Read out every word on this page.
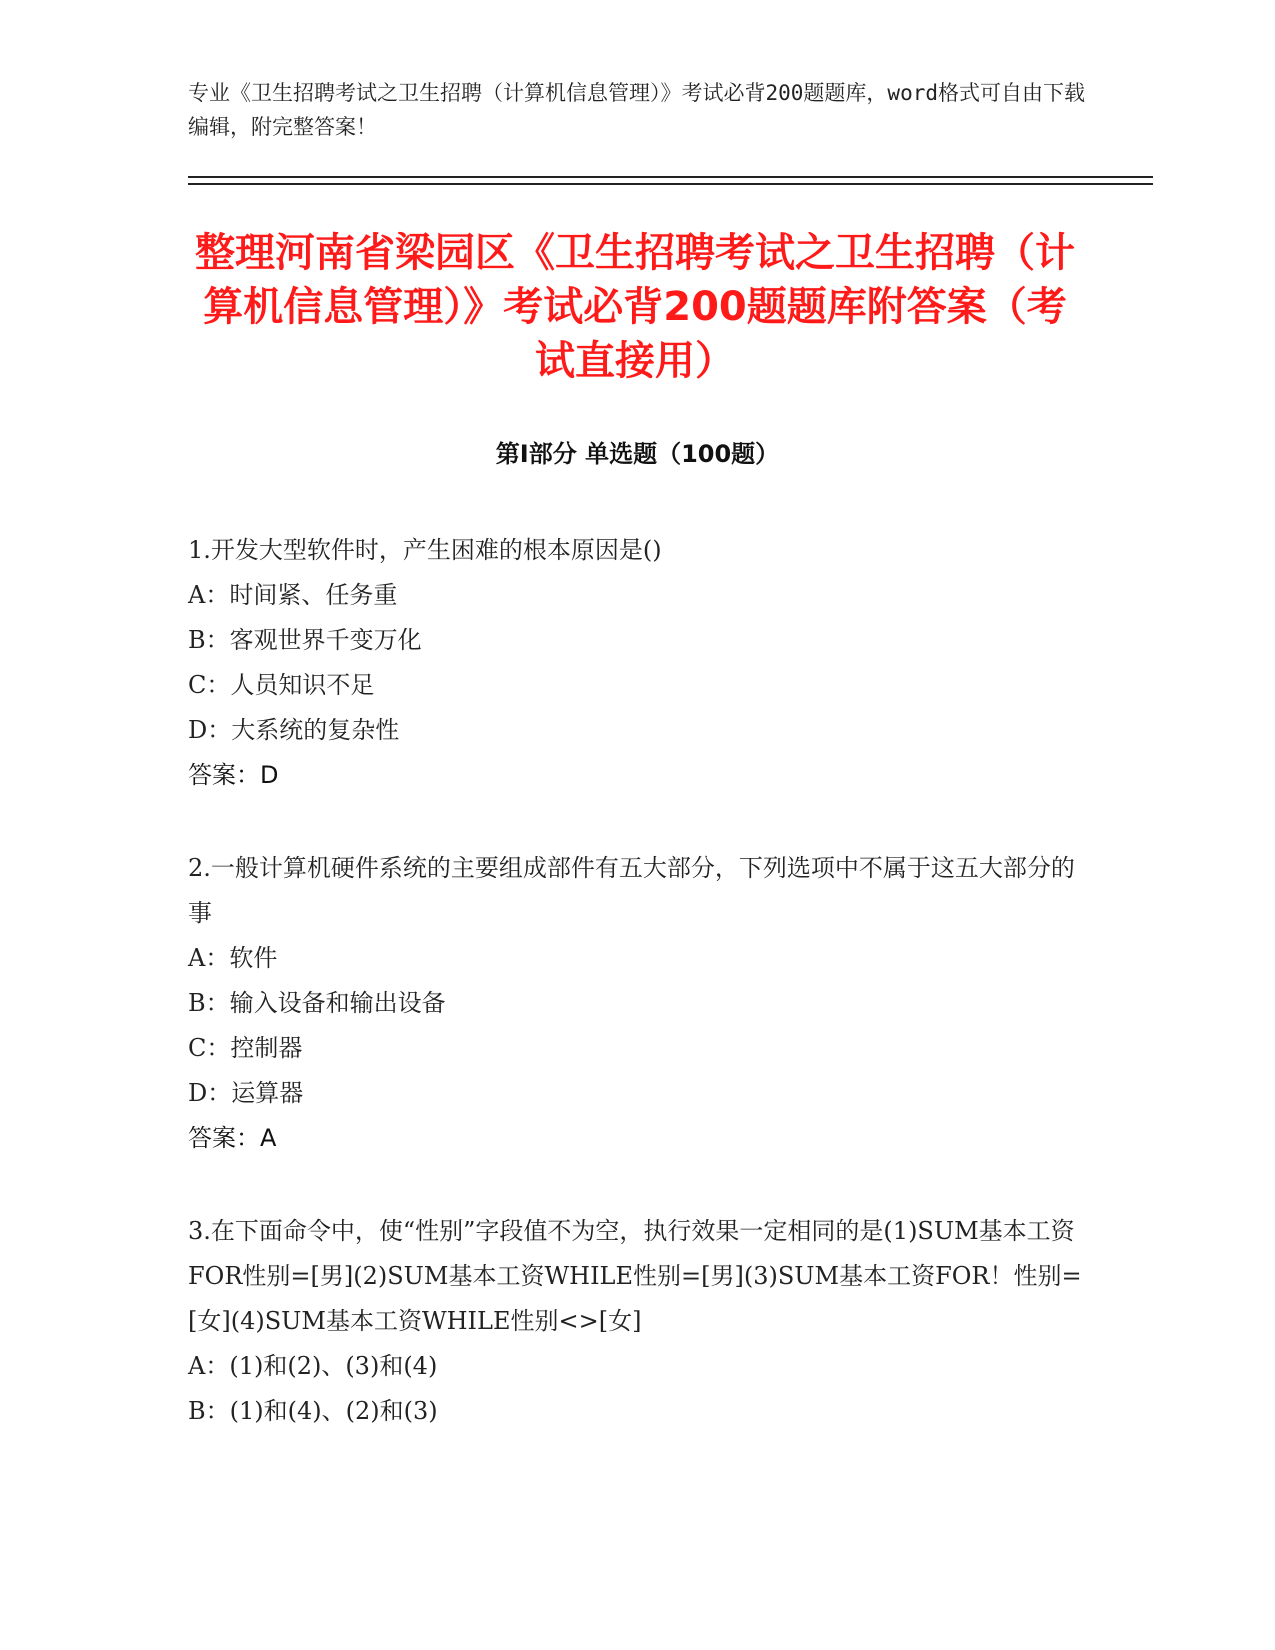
专业《卫生招聘考试之卫生招聘（计算机信息管理）》考试必背200题题库，word格式可自由下载编辑，附完整答案！
整理河南省梁园区《卫生招聘考试之卫生招聘（计算机信息管理）》考试必背200题题库附答案（考试直接用）
第Ⅰ部分 单选题（100题）

1.开发大型软件时，产生困难的根本原因是()

A：时间紧、任务重

B：客观世界千变万化

C：人员知识不足

D：大系统的复杂性

答案：D

2.一般计算机硬件系统的主要组成部件有五大部分，下列选项中不属于这五大部分的事

A：软件

B：输入设备和输出设备

C：控制器

D：运算器

答案：A

3.在下面命令中，使“性别”字段值不为空，执行效果一定相同的是(1)SUM基本工资FOR性别=[男](2)SUM基本工资WHILE性别=[男](3)SUM基本工资FOR！性别=[女](4)SUM基本工资WHILE性别<>[女]

A：(1)和(2)、(3)和(4)

B：(1)和(4)、(2)和(3)
